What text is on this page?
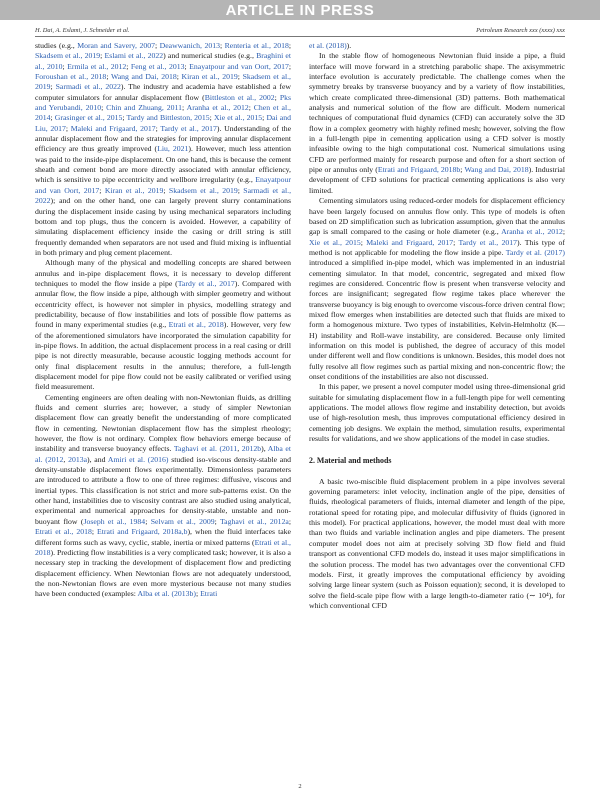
ARTICLE IN PRESS
H. Dai, A. Eslami, J. Schneider et al.	Petroleum Research xxx (xxxx) xxx

studies (e.g., Moran and Savery, 2007; Deawwanich, 2013; Renteria et al., 2018; Skadsem et al., 2019; Eslami et al., 2022) and numerical studies (e.g., Braghini et al., 2010; Ermila et al., 2012; Feng et al., 2013; Enayatpour and van Oort, 2017; Foroushan et al., 2018; Wang and Dai, 2018; Kiran et al., 2019; Skadsem et al., 2019; Sarmadi et al., 2022). The industry and academia have established a few computer simulators for annular displacement flow (Bittleston et al., 2002; Pks and Yerubandi, 2010; Chin and Zhuang, 2011; Aranha et al., 2012; Chen et al., 2014; Grasinger et al., 2015; Tardy and Bittleston, 2015; Xie et al., 2015; Dai and Liu, 2017; Maleki and Frigaard, 2017; Tardy et al., 2017). Understanding of the annular displacement flow and the strategies for improving annular displacement efficiency are thus greatly improved (Liu, 2021). However, much less attention was paid to the inside-pipe displacement. On one hand, this is because the cement sheath and cement bond are more directly associated with annular efficiency, which is sensitive to pipe eccentricity and wellbore irregularity (e.g., Enayatpour and van Oort, 2017; Kiran et al., 2019; Skadsem et al., 2019; Sarmadi et al., 2022); and on the other hand, one can largely prevent slurry contaminations during the displacement inside casing by using mechanical separators including bottom and top plugs, thus the concern is avoided. However, a capability of simulating displacement efficiency inside the casing or drill string is still frequently demanded when separators are not used and fluid mixing is influential in both primary and plug cement placement.

Although many of the physical and modelling concepts are shared between annulus and in-pipe displacement flows, it is necessary to develop different techniques to model the flow inside a pipe (Tardy et al., 2017). Compared with annular flow, the flow inside a pipe, although with simpler geometry and without eccentricity effect, is however not simpler in physics, modelling strategy and predictability, because of flow instabilities and lots of possible flow patterns as found in many experimental studies (e.g., Etrati et al., 2018). However, very few of the aforementioned simulators have incorporated the simulation capability for in-pipe flows. In addition, the actual displacement process in a real casing or drill pipe is not directly measurable, because acoustic logging methods account for only final displacement results in the annulus; therefore, a full-length displacement model for pipe flow could not be easily calibrated or verified using field measurement.

Cementing engineers are often dealing with non-Newtonian fluids, as drilling fluids and cement slurries are; however, a study of simpler Newtonian displacement flow can greatly benefit the understanding of more complicated flow in cementing. Newtonian displacement flow has the simplest rheology; however, the flow is not ordinary. Complex flow behaviors emerge because of instability and transverse buoyancy effects. Taghavi et al. (2011, 2012b), Alba et al. (2012, 2013a), and Amiri et al. (2016) studied iso-viscous density-stable and density-unstable displacement flows experimentally. Dimensionless parameters are introduced to attribute a flow to one of three regimes: diffusive, viscous and inertial types. This classification is not strict and more sub-patterns exist. On the other hand, instabilities due to viscosity contrast are also studied using analytical, experimental and numerical approaches for density-stable, unstable and non-buoyant flow (Joseph et al., 1984; Selvam et al., 2009; Taghavi et al., 2012a; Etrati et al., 2018; Etrati and Frigaard, 2018a,b), when the fluid interfaces take different forms such as wavy, cyclic, stable, inertia or mixed patterns (Etrati et al., 2018). Predicting flow instabilities is a very complicated task; however, it is also a necessary step in tracking the development of displacement flow and predicting displacement efficiency. When Newtonian flows are not adequately understood, the non-Newtonian flows are even more mysterious because not many studies have been conducted (examples: Alba et al. (2013b); Etrati

et al. (2018)).

In the stable flow of homogeneous Newtonian fluid inside a pipe, a fluid interface will move forward in a stretching parabolic shape. The axisymmetric interface evolution is accurately predictable. The challenge comes when the symmetry breaks by transverse buoyancy and by a variety of flow instabilities, which create complicated three-dimensional (3D) patterns. Both mathematical analysis and numerical solution of the flow are difficult. Modern numerical techniques of computational fluid dynamics (CFD) can accurately solve the 3D flow in a complex geometry with highly refined mesh; however, solving the flow in a full-length pipe in cementing application using a CFD solver is mostly infeasible owing to the high computational cost. Numerical simulations using CFD are performed mainly for research purpose and often for a short section of pipe or annulus only (Etrati and Frigaard, 2018b; Wang and Dai, 2018). Industrial development of CFD solutions for practical cementing applications is also very limited.

Cementing simulators using reduced-order models for displacement efficiency have been largely focused on annulus flow only. This type of models is often based on 2D simplification such as lubrication assumption, given that the annulus gap is small compared to the casing or hole diameter (e.g., Aranha et al., 2012; Xie et al., 2015; Maleki and Frigaard, 2017; Tardy et al., 2017). This type of method is not applicable for modeling the flow inside a pipe. Tardy et al. (2017) introduced a simplified in-pipe model, which was implemented in an industrial cementing simulator. In that model, concentric, segregated and mixed flow regimes are considered. Concentric flow is present when transverse velocity and forces are insignificant; segregated flow regime takes place wherever the transverse buoyancy is big enough to overcome viscous-force driven central flow; mixed flow emerges when instabilities are detected such that fluids are mixed to form a homogenous mixture. Two types of instabilities, Kelvin-Helmholtz (K—H) instability and Roll-wave instability, are considered. Because only limited information on this model is published, the degree of accuracy of this model under different well and flow conditions is unknown. Besides, this model does not fully resolve all flow regimes such as partial mixing and non-concentric flow; the onset conditions of the instabilities are also not discussed.

In this paper, we present a novel computer model using three-dimensional grid suitable for simulating displacement flow in a full-length pipe for well cementing applications. The model allows flow regime and instability detection, but avoids use of high-resolution mesh, thus improves computational efficiency desired in cementing job designs. We explain the method, simulation results, experimental results for validations, and we show applications of the model in case studies.

2. Material and methods

A basic two-miscible fluid displacement problem in a pipe involves several governing parameters: inlet velocity, inclination angle of the pipe, densities of fluids, rheological parameters of fluids, internal diameter and length of the pipe, rotational speed for rotating pipe, and molecular diffusivity of fluids (ignored in this model). For practical applications, however, the model must deal with more than two fluids and variable inclination angles and pipe diameters. The present computer model does not aim at precisely solving 3D flow field and fluid transport as conventional CFD models do, instead it uses major simplifications in the solution process. The model has two advantages over the conventional CFD models. First, it greatly improves the computational efficiency by avoiding solving large linear system (such as Poisson equation); second, it is developed to solve the field-scale pipe flow with a large length-to-diameter ratio (∼ 10⁴), for which conventional CFD

2
